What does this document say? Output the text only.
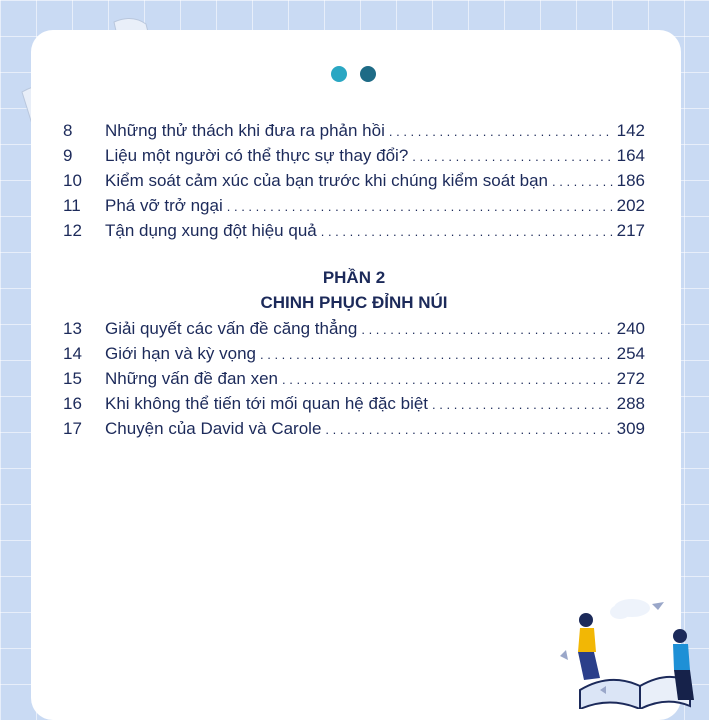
8	Những thử thách khi đưa ra phản hồi . . .	142
9	Liệu một người có thể thực sự thay đổi? . . .	164
10	Kiểm soát cảm xúc của bạn trước khi chúng kiểm soát bạn . . .	186
11	Phá vỡ trở ngại . . .	202
12	Tận dụng xung đột hiệu quả . . .	217
PHẦN 2
CHINH PHỤC ĐỈNH NÚI
13	Giải quyết các vấn đề căng thẳng . . .	240
14	Giới hạn và kỳ vọng . . .	254
15	Những vấn đề đan xen . . .	272
16	Khi không thể tiến tới mối quan hệ đặc biệt . . .	288
17	Chuyện của David và Carole . . .	309
